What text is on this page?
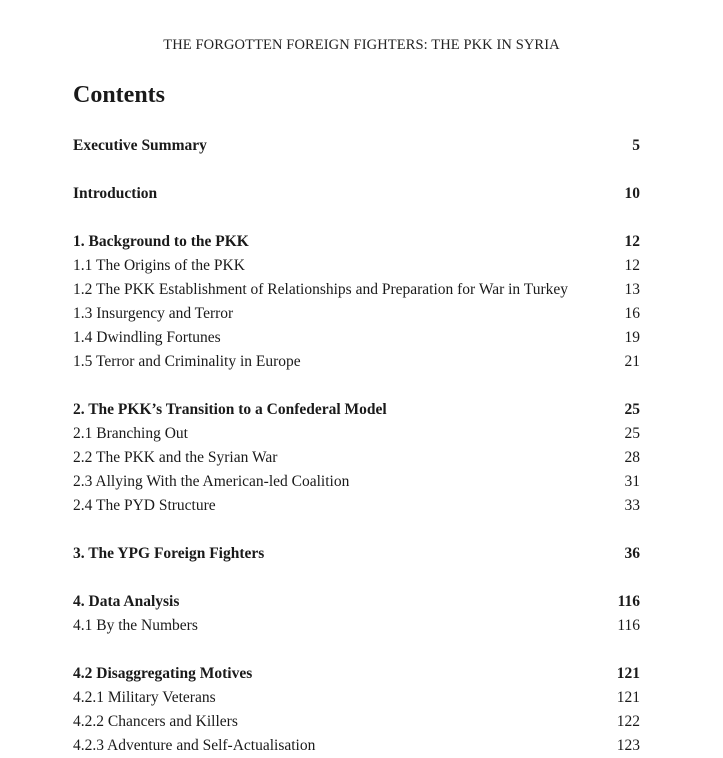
THE FORGOTTEN FOREIGN FIGHTERS: THE PKK IN SYRIA
Contents
Executive Summary	5
Introduction	10
1. Background to the PKK	12
1.1 The Origins of the PKK	12
1.2 The PKK Establishment of Relationships and Preparation for War in Turkey	13
1.3 Insurgency and Terror	16
1.4 Dwindling Fortunes	19
1.5 Terror and Criminality in Europe	21
2. The PKK’s Transition to a Confederal Model	25
2.1 Branching Out	25
2.2 The PKK and the Syrian War	28
2.3 Allying With the American-led Coalition	31
2.4 The PYD Structure	33
3. The YPG Foreign Fighters	36
4. Data Analysis	116
4.1 By the Numbers	116
4.2 Disaggregating Motives	121
4.2.1 Military Veterans	121
4.2.2 Chancers and Killers	122
4.2.3 Adventure and Self-Actualisation	123
